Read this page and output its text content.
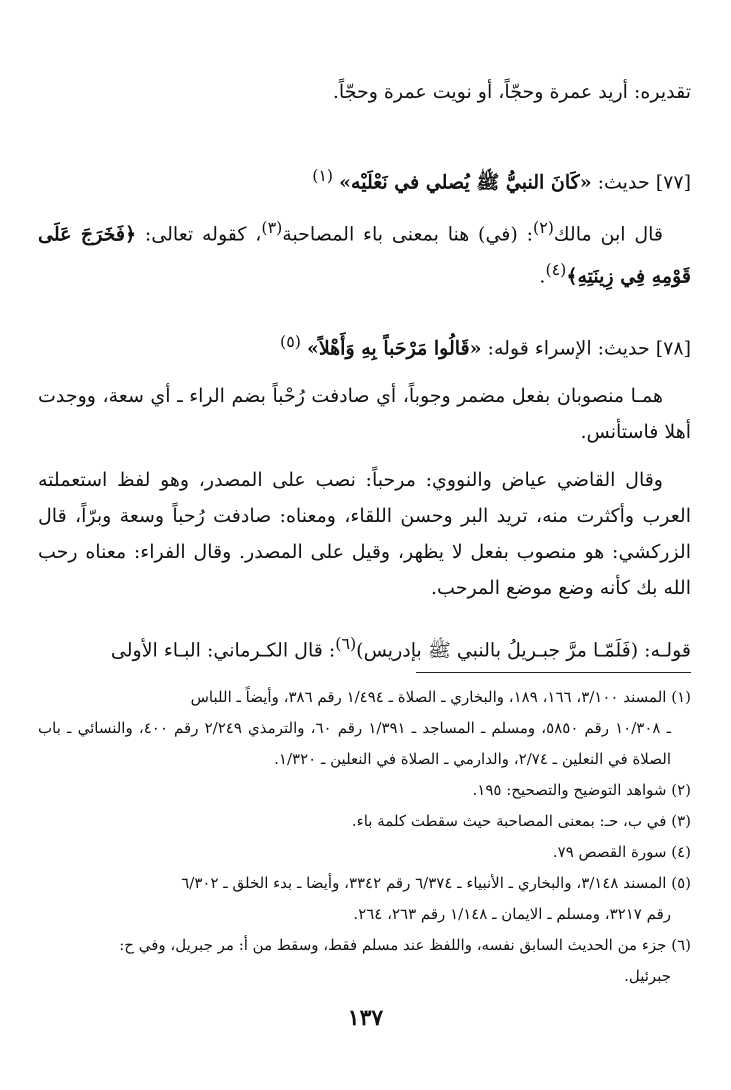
تقديره: أريد عمرة وحجّاً، أو نويت عمرة وحجّاً.
[٧٧] حديث: «كَانَ النبيُّ ﷺ يُصلي في نَعْلَيْه» $^{(١)}$
قال ابن مالك$^{(٢)}$: (في) هنا بمعنى باء المصاحبة$^{(٣)}$، كقوله تعالى: ﴿فَخَرَجَ عَلَى قَوْمِهِ فِي زِينَتِهِ﴾$^{(٤)}$.
[٧٨] حديث: الإسراء قوله: «قَالُوا مَرْحَباً بِهِ وَأَهْلاً» $^{(٥)}$
همـا منصوبان بفعل مضمر وجوباً، أي صادفت رُحْباً بضم الراء ـ أي سعة، ووجدت أهلا فاستأنس.
وقال القاضي عياض والنووي: مرحباً: نصب على المصدر، وهو لفظ استعملته العرب وأكثرت منه، تريد البر وحسن اللقاء، ومعناه: صادفت رُحباً وسعة وبرّاً، قال الزركشي: هو منصوب بفعل لا يظهر، وقيل على المصدر. وقال الفراء: معناه رحب الله بك كأنه وضع موضع المرحب.
قولـه: (فَلَمّـا مرَّ جبـريلُ بالنبي ﷺ بإدريس)$^{(٦)}$: قال الكـرماني: البـاء الأولى

(١) المسند ٣/١٠٠، ١٦٦، ١٨٩، والبخاري ـ الصلاة ـ ١/٤٩٤ رقم ٣٨٦، وأيضاً ـ اللباس
ـ ١٠/٣٠٨ رقم ٥٨٥٠، ومسلم ـ المساجد ـ ١/٣٩١ رقم ٦٠، والترمذي ٢/٢٤٩ رقم ٤٠٠، والنسائي ـ باب الصلاة في النعلين ـ ٢/٧٤، والدارمي ـ الصلاة في النعلين ـ ١/٣٢٠.

(٢) شواهد التوضيح والتصحيح: ١٩٥.

(٣) في ب، حـ: بمعنى المصاحبة حيث سقطت كلمة باء.

(٤) سورة القصص ٧٩.

(٥) المسند ٣/١٤٨، والبخاري ـ الأنبياء ـ ٦/٣٧٤ رقم ٣٣٤٢، وأيضا ـ بدء الخلق ـ ٦/٣٠٢
رقم ٣٢١٧، ومسلم ـ الايمان ـ ١/١٤٨ رقم ٢٦٣، ٢٦٤.

(٦) جزء من الحديث السابق نفسه، واللفظ عند مسلم فقط، وسقط من أ: مر جبريل، وفي ح:
جبرئيل.

١٣٧
